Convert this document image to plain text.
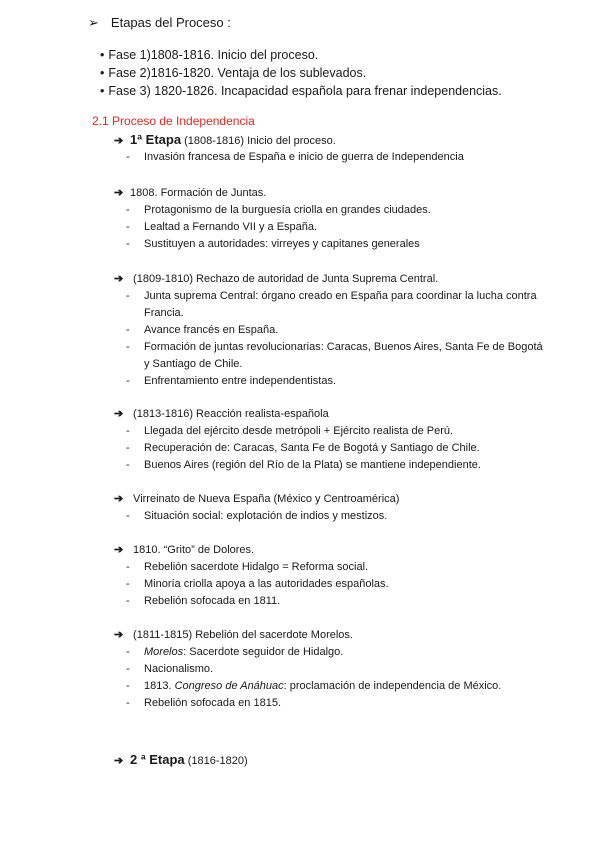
➢ Etapas del Proceso :
• Fase 1)1808-1816. Inicio del proceso.
• Fase 2)1816-1820. Ventaja de los sublevados.
• Fase 3) 1820-1826. Incapacidad española para frenar independencias.
2.1 Proceso de Independencia
➔ 1ª Etapa (1808-1816) Inicio del proceso.
- Invasión francesa de España e inicio de guerra de Independencia
➔ 1808. Formación de Juntas.
- Protagonismo de la burguesía criolla en grandes ciudades.
- Lealtad a Fernando VII y a España.
- Sustituyen a autoridades: virreyes y capitanes generales
➔ (1809-1810) Rechazo de autoridad de Junta Suprema Central.
- Junta suprema Central: órgano creado en España para coordinar la lucha contra Francia.
- Avance francés en España.
- Formación de juntas revolucionarias: Caracas, Buenos Aires, Santa Fe de Bogotá y Santiago de Chile.
- Enfrentamiento entre independentistas.
➔ (1813-1816) Reacción realista-española
- Llegada del ejército desde metrópoli + Ejército realista de Perú.
- Recuperación de: Caracas, Santa Fe de Bogotá y Santiago de Chile.
- Buenos Aires (región del Río de la Plata) se mantiene independiente.
➔ Virreinato de Nueva España (México y Centroamérica)
- Situación social: explotación de indios y mestizos.
➔ 1810. “Grito” de Dolores.
- Rebelión sacerdote Hidalgo = Reforma social.
- Minoría criolla apoya a las autoridades españolas.
- Rebelión sofocada en 1811.
➔ (1811-1815) Rebelión del sacerdote Morelos.
- Morelos: Sacerdote seguidor de Hidalgo.
- Nacionalismo.
- 1813. Congreso de Anáhuac: proclamación de independencia de México.
- Rebelión sofocada en 1815.
➔ 2 ª Etapa (1816-1820)
